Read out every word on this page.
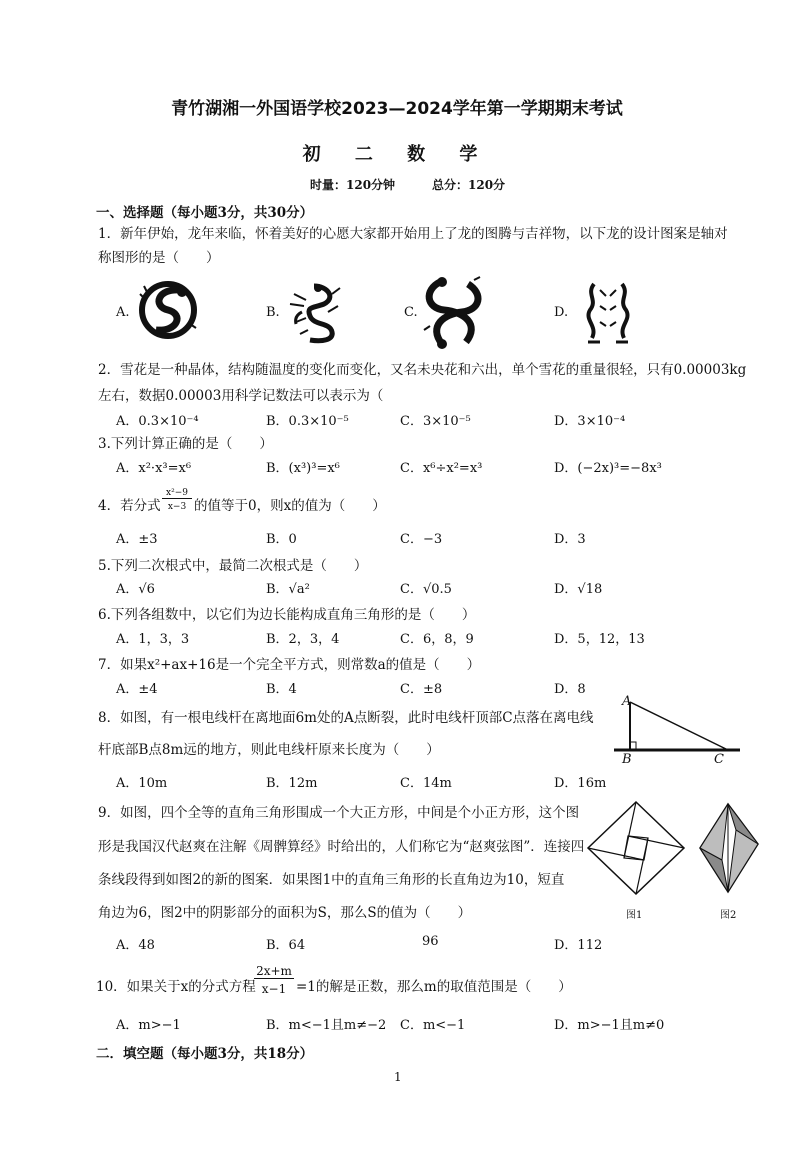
青竹湖湘一外国语学校2023—2024学年第一学期期末考试
初 二 数 学
时量：120分钟	总分：120分
一、选择题（每小题3分，共30分）
1．新年伊始，龙年来临，怀着美好的心愿大家都开始用上了龙的图腾与吉祥物，以下龙的设计图案是轴对
称图形的是（　　）
A.	B.	C.	D.
2．雪花是一种晶体，结构随温度的变化而变化，又名未央花和六出，单个雪花的重量很轻，只有0.00003kg
左右，数据0.00003用科学记数法可以表示为（
A．0.3×10⁻⁴	B．0.3×10⁻⁵	C．3×10⁻⁵	D．3×10⁻⁴
3.下列计算正确的是（　　）
A．x²·x³=x⁶	B．(x³)³=x⁶	C．x⁶÷x²=x³	D．(−2x)³=−8x³
4．若分式
x²−9
x−3 的值等于0，则x的值为（　　）
A．±3	B．0	C．−3	D．3
5.下列二次根式中，最简二次根式是（　　）
A．√6	B．√a²	C．√0.5	D．√18
6.下列各组数中，以它们为边长能构成直角三角形的是（　　）
A．1，3，3	B．2，3，4	C．6，8，9	D．5，12，13
7．如果x²+ax+16是一个完全平方式，则常数a的值是（　　）
A．±4	B．4	C．±8	D．8
8．如图，有一根电线杆在离地面6m处的A点断裂，此时电线杆顶部C点落在离电线
杆底部B点8m远的地方，则此电线杆原来长度为（　　）
A．10m	B．12m	C．14m	D．16m
A
B	C
9．如图，四个全等的直角三角形围成一个大正方形，中间是个小正方形，这个图
形是我国汉代赵爽在注解《周髀算经》时给出的，人们称它为“赵爽弦图”．连接四
条线段得到如图2的新的图案．如果图1中的直角三角形的长直角边为10，短直
角边为6，图2中的阴影部分的面积为S，那么S的值为（　　）
A．48	B．64	96	D．112
图1	图2
10．如果关于x的分式方程
2x+m
x−1 =1的解是正数，那么m的取值范围是（　　）
A．m>−1	B．m<−1且m≠−2 C．m<−1	D．m>−1且m≠0
二．填空题（每小题3分，共18分）
1
